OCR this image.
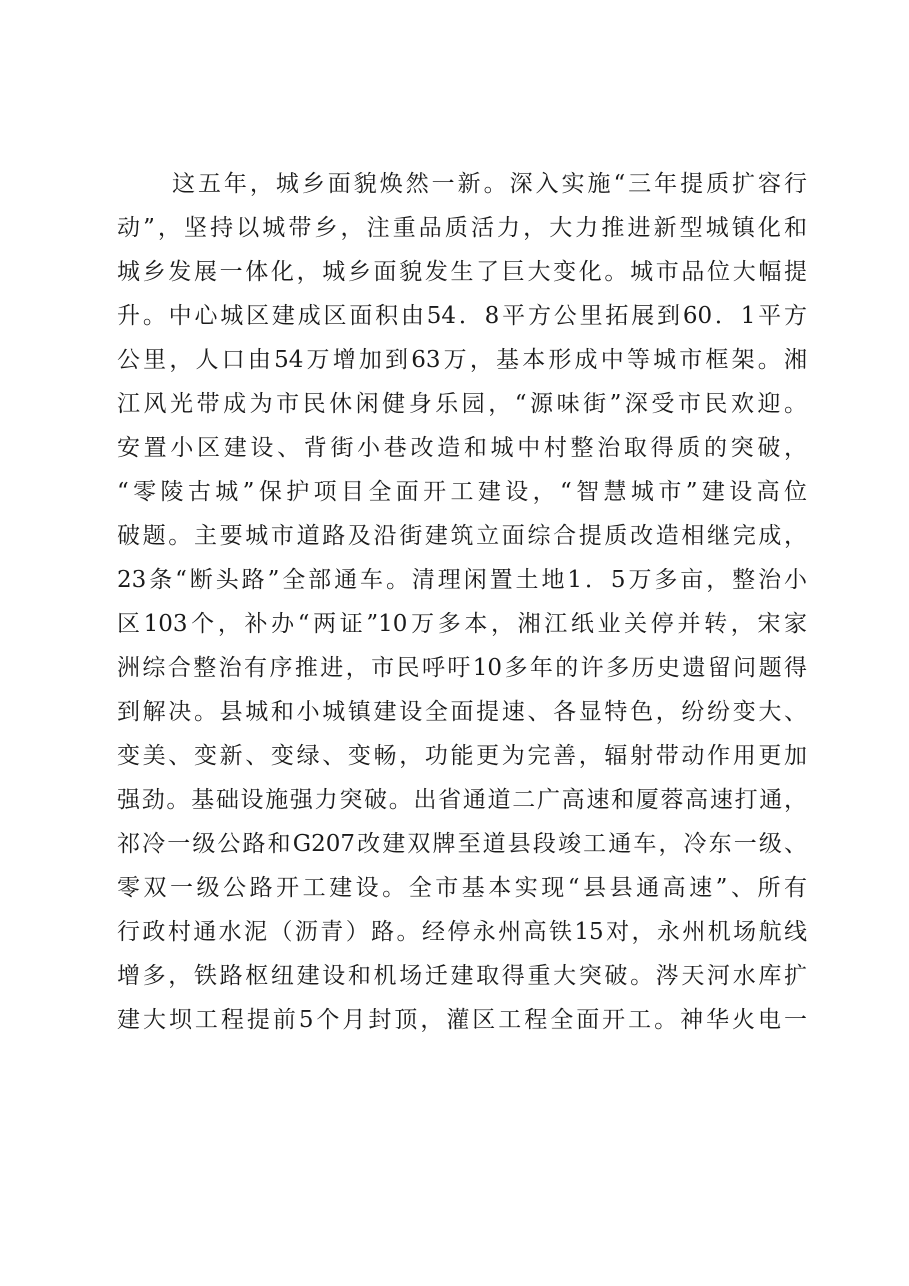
这五年，城乡面貌焕然一新。深入实施“三年提质扩容行
动”，坚持以城带乡，注重品质活力，大力推进新型城镇化和
城乡发展一体化，城乡面貌发生了巨大变化。城市品位大幅提
升。中心城区建成区面积由54．8平方公里拓展到60．1平方
公里，人口由54万增加到63万，基本形成中等城市框架。湘
江风光带成为市民休闲健身乐园，“源味街”深受市民欢迎。
安置小区建设、背街小巷改造和城中村整治取得质的突破，
“零陵古城”保护项目全面开工建设，“智慧城市”建设高位
破题。主要城市道路及沿街建筑立面综合提质改造相继完成，
23条“断头路”全部通车。清理闲置土地1．5万多亩，整治小
区103个，补办“两证”10万多本，湘江纸业关停并转，宋家
洲综合整治有序推进，市民呼吁10多年的许多历史遗留问题得
到解决。县城和小城镇建设全面提速、各显特色，纷纷变大、
变美、变新、变绿、变畅，功能更为完善，辐射带动作用更加
强劲。基础设施强力突破。出省通道二广高速和厦蓉高速打通，
祁冷一级公路和G207改建双牌至道县段竣工通车，冷东一级、
零双一级公路开工建设。全市基本实现“县县通高速”、所有
行政村通水泥（沥青）路。经停永州高铁15对，永州机场航线
增多，铁路枢纽建设和机场迁建取得重大突破。涔天河水库扩
建大坝工程提前5个月封顶，灌区工程全面开工。神华火电一
